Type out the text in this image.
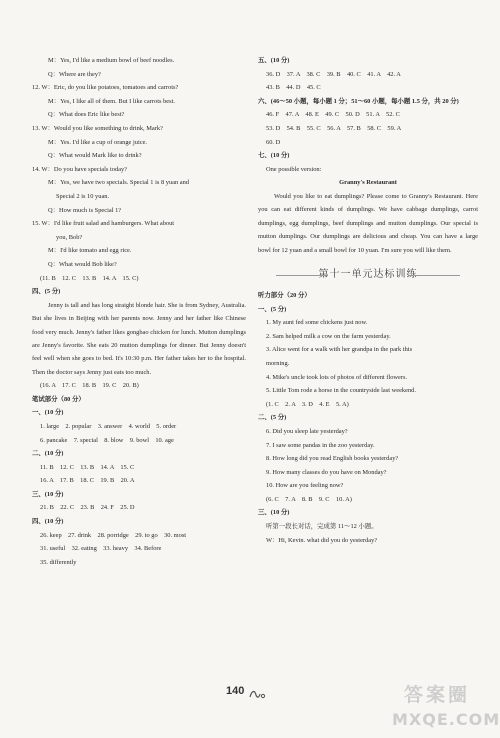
M：Yes, I'd like a medium bowl of beef noodles.
Q：Where are they?
12. W：Eric, do you like potatoes, tomatoes and carrots?
M：Yes, I like all of them. But I like carrots best.
Q：What does Eric like best?
13. W：Would you like something to drink, Mark?
M：Yes. I'd like a cup of orange juice.
Q：What would Mark like to drink?
14. W：Do you have specials today?
M：Yes, we have two specials. Special 1 is 8 yuan and
Special 2 is 10 yuan.
Q：How much is Special 1?
15. W：I'd like fruit salad and hamburgers. What about
you, Bob?
M：I'd like tomato and egg rice.
Q：What would Bob like?
(11. B　12. C　13. B　14. A　15. C)
四、(5 分)
Jenny is tall and has long straight blonde hair. She is from Sydney, Australia. But she lives in Beijing with her parents now. Jenny and her father like Chinese food very much. Jenny's father likes gongbao chicken for lunch. Mutton dumplings are Jenny's favorite. She eats 20 mutton dumplings for dinner. But Jenny doesn't feel well when she goes to bed. It's 10:30 p.m. Her father takes her to the hospital. Then the doctor says Jenny just eats too much.
(16. A　17. C　18. B　19. C　20. B)
笔试部分（80 分）
一、(10 分)
1. large　2. popular　3. answer　4. world　5. order
6. pancake　7. special　8. blow　9. bowl　10. age
二、(10 分)
11. B　12. C　13. B　14. A　15. C
16. A　17. B　18. C　19. B　20. A
三、(10 分)
21. B　22. C　23. B　24. F　25. D
四、(10 分)
26. keep　27. drink　28. porridge　29. to go　30. most
31. useful　32. eating　33. heavy　34. Before
35. differently
五、(10 分)
36. D　37. A　38. C　39. B　40. C　41. A　42. A
43. B　44. D　45. C
六、(46～50 小题，每小题 1 分；51～60 小题，每小题 1.5 分，共 20 分)
46. F　47. A　48. E　49. C　50. D　51. A　52. C
53. D　54. B　55. C　56. A　57. B　58. C　59. A
60. D
七、(10 分)
One possible version:
Granny's Restaurant
Would you like to eat dumplings? Please come to Granny's Restaurant. Here you can eat different kinds of dumplings. We have cabbage dumplings, carrot dumplings, egg dumplings, beef dumplings and mutton dumplings. Our special is mutton dumplings. Our dumplings are delicious and cheap. You can have a large bowl for 12 yuan and a small bowl for 10 yuan. I'm sure you will like them.
第十一单元达标训练
听力部分（20 分）
一、(5 分)
1. My aunt fed some chickens just now.
2. Sam helped milk a cow on the farm yesterday.
3. Alice went for a walk with her grandpa in the park this
morning.
4. Mike's uncle took lots of photos of different flowers.
5. Little Tom rode a horse in the countryside last weekend.
(1. C　2. A　3. D　4. E　5. A)
二、(5 分)
6. Did you sleep late yesterday?
7. I saw some pandas in the zoo yesterday.
8. How long did you read English books yesterday?
9. How many classes do you have on Monday?
10. How are you feeling now?
(6. C　7. A　8. B　9. C　10. A)
三、(10 分)
听第一段长对话，完成第 11～12 小题。
W：Hi, Kevin. what did you do yesterday?
140	答案圈
MXQE.COM
